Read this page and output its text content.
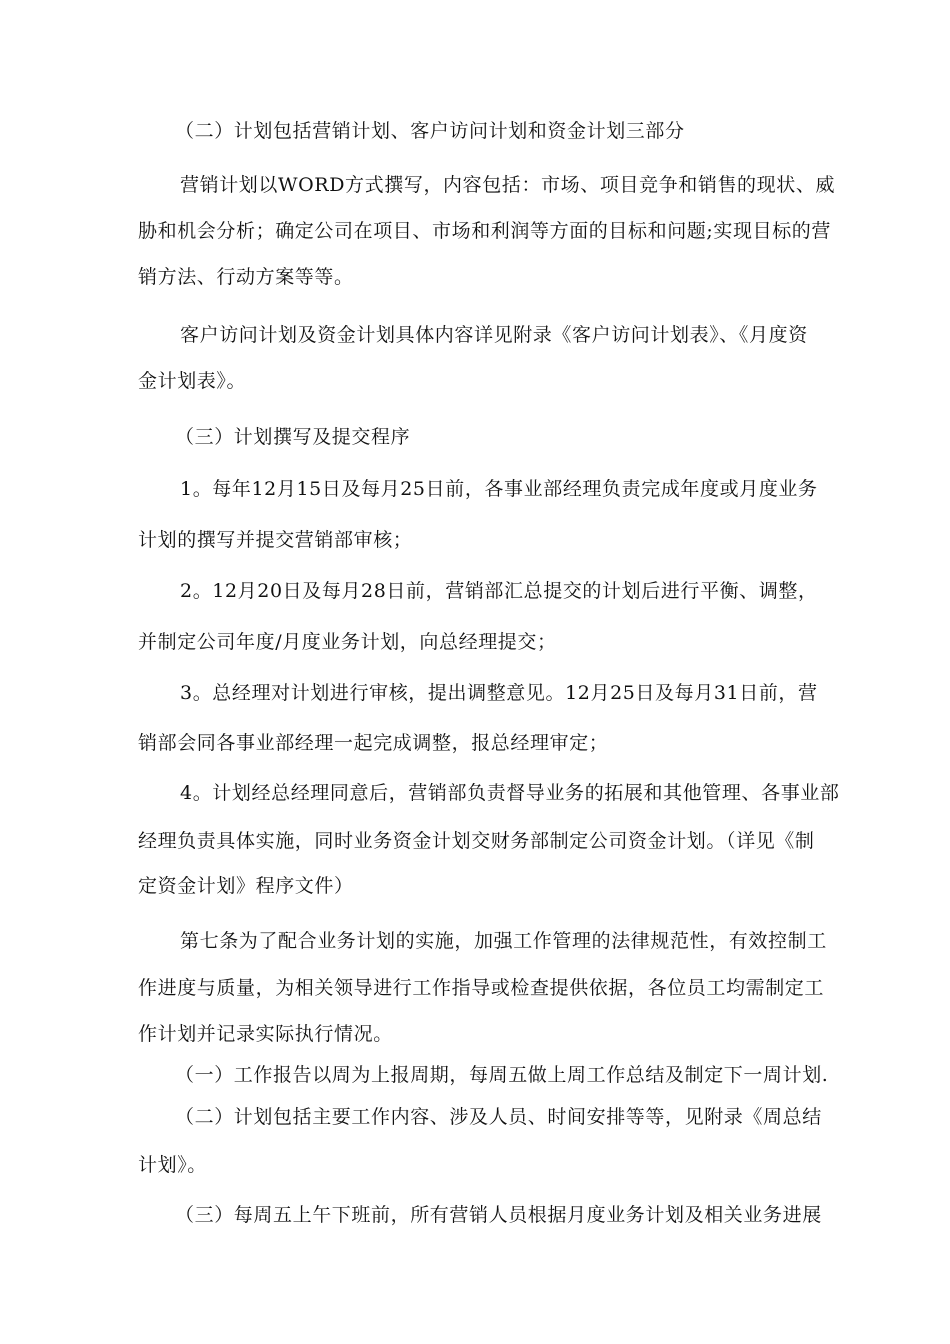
（二）计划包括营销计划、客户访问计划和资金计划三部分
营销计划以WORD方式撰写，内容包括：市场、项目竞争和销售的现状、威
胁和机会分析；确定公司在项目、市场和利润等方面的目标和问题;实现目标的营
销方法、行动方案等等。
客户访问计划及资金计划具体内容详见附录《客户访问计划表》、《月度资
金计划表》。
（三）计划撰写及提交程序
1。每年12月15日及每月25日前，各事业部经理负责完成年度或月度业务
计划的撰写并提交营销部审核；
2。12月20日及每月28日前，营销部汇总提交的计划后进行平衡、调整，
并制定公司年度/月度业务计划，向总经理提交；
3。总经理对计划进行审核，提出调整意见。12月25日及每月31日前，营
销部会同各事业部经理一起完成调整，报总经理审定；
4。计划经总经理同意后，营销部负责督导业务的拓展和其他管理、各事业部
经理负责具体实施，同时业务资金计划交财务部制定公司资金计划。（详见《制
定资金计划》程序文件）
第七条为了配合业务计划的实施，加强工作管理的法律规范性，有效控制工
作进度与质量，为相关领导进行工作指导或检查提供依据，各位员工均需制定工
作计划并记录实际执行情况。
（一）工作报告以周为上报周期，每周五做上周工作总结及制定下一周计划.
（二）计划包括主要工作内容、涉及人员、时间安排等等，见附录《周总结
计划》。
（三）每周五上午下班前，所有营销人员根据月度业务计划及相关业务进展
